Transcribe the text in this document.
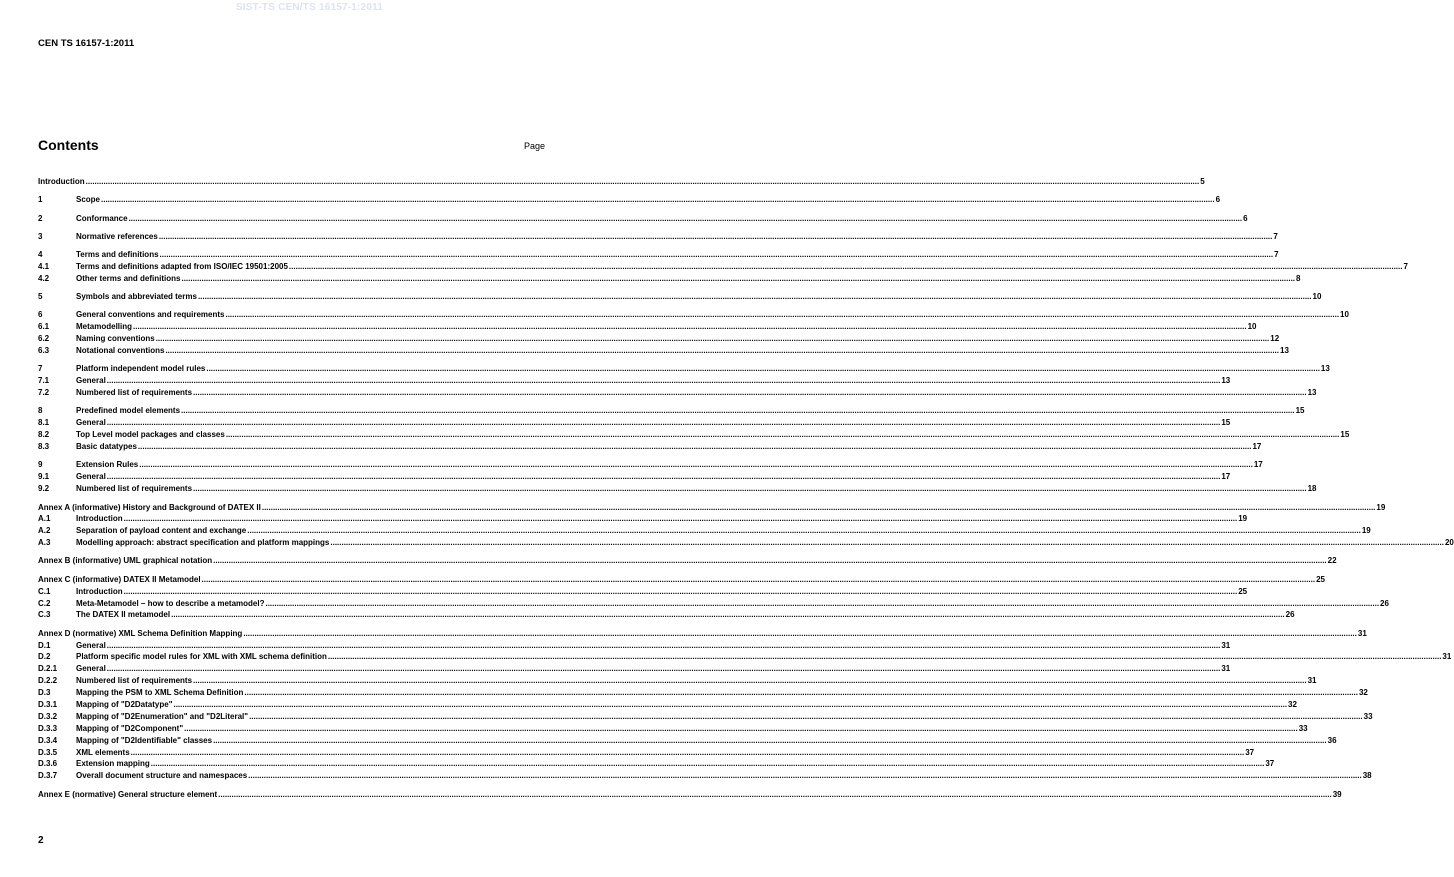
SIST-TS CEN/TS 16157-1:2011
CEN TS 16157-1:2011
Contents	Page
Introduction .....	5
1	Scope .....	6
2	Conformance .....	6
3	Normative references .....	7
4	Terms and definitions .....	7
4.1	Terms and definitions adapted from ISO/IEC 19501:2005 .....	7
4.2	Other terms and definitions .....	8
5	Symbols and abbreviated terms .....	10
6	General conventions and requirements .....	10
6.1	Metamodelling .....	10
6.2	Naming conventions .....	12
6.3	Notational conventions .....	13
7	Platform independent model rules .....	13
7.1	General .....	13
7.2	Numbered list of requirements .....	13
8	Predefined model elements .....	15
8.1	General .....	15
8.2	Top Level model packages and classes .....	15
8.3	Basic datatypes .....	17
9	Extension Rules .....	17
9.1	General .....	17
9.2	Numbered list of requirements .....	18
Annex A (informative) History and Background of DATEX II .....	19
A.1	Introduction .....	19
A.2	Separation of payload content and exchange .....	19
A.3	Modelling approach: abstract specification and platform mappings .....	20
Annex B (informative) UML graphical notation .....	22
Annex C (informative) DATEX II Metamodel .....	25
C.1	Introduction .....	25
C.2	Meta-Metamodel – how to describe a metamodel? .....	26
C.3	The DATEX II metamodel .....	26
Annex D (normative) XML Schema Definition Mapping .....	31
D.1	General .....	31
D.2	Platform specific model rules for XML with XML schema definition .....	31
D.2.1	General .....	31
D.2.2	Numbered list of requirements .....	31
D.3	Mapping the PSM to XML Schema Definition .....	32
D.3.1	Mapping of "D2Datatype" .....	32
D.3.2	Mapping of "D2Enumeration" and "D2Literal" .....	33
D.3.3	Mapping of "D2Component" .....	33
D.3.4	Mapping of "D2Identifiable" classes .....	36
D.3.5	XML elements .....	37
D.3.6	Extension mapping .....	37
D.3.7	Overall document structure and namespaces .....	38
Annex E (normative) General structure element .....	39
2
